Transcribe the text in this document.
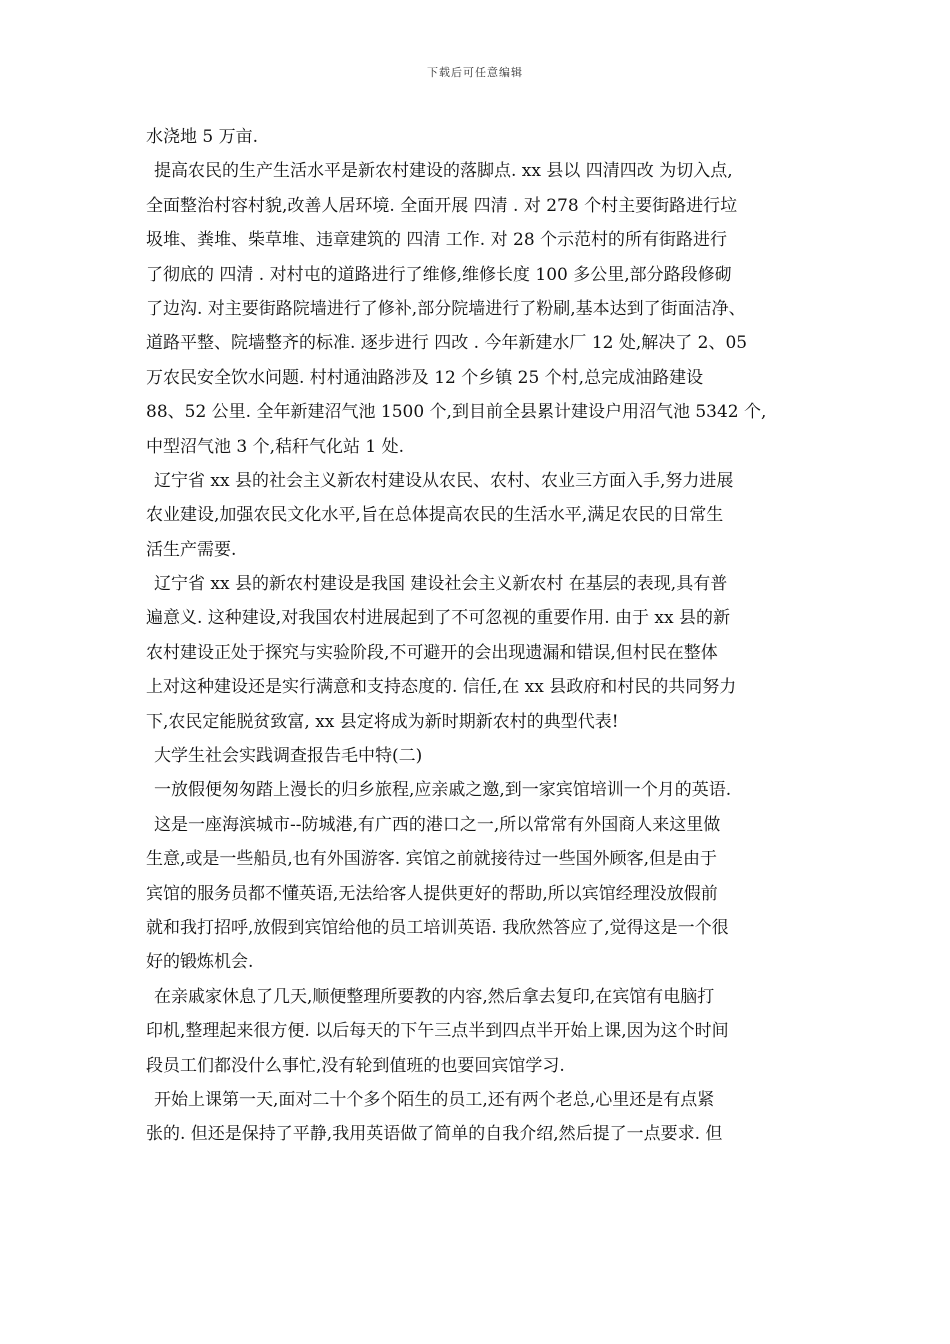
下载后可任意编辑
水浇地 5 万亩.
提高农民的生产生活水平是新农村建设的落脚点. xx 县以 四清四改 为切入点,
全面整治村容村貌,改善人居环境. 全面开展 四清 . 对 278 个村主要街路进行垃
圾堆、粪堆、柴草堆、违章建筑的 四清 工作. 对 28 个示范村的所有街路进行
了彻底的 四清 . 对村屯的道路进行了维修,维修长度 100 多公里,部分路段修砌
了边沟. 对主要街路院墙进行了修补,部分院墙进行了粉刷,基本达到了街面洁净、
道路平整、院墙整齐的标准. 逐步进行 四改 . 今年新建水厂 12 处,解决了 2、05
万农民安全饮水问题. 村村通油路涉及 12 个乡镇 25 个村,总完成油路建设
88、52 公里. 全年新建沼气池 1500 个,到目前全县累计建设户用沼气池 5342 个,
中型沼气池 3 个,秸秆气化站 1 处.
辽宁省 xx 县的社会主义新农村建设从农民、农村、农业三方面入手,努力进展
农业建设,加强农民文化水平,旨在总体提高农民的生活水平,满足农民的日常生
活生产需要.
辽宁省 xx 县的新农村建设是我国 建设社会主义新农村 在基层的表现,具有普
遍意义. 这种建设,对我国农村进展起到了不可忽视的重要作用. 由于 xx 县的新
农村建设正处于探究与实验阶段,不可避开的会出现遗漏和错误,但村民在整体
上对这种建设还是实行满意和支持态度的. 信任,在 xx 县政府和村民的共同努力
下,农民定能脱贫致富, xx 县定将成为新时期新农村的典型代表!
大学生社会实践调查报告毛中特(二)
一放假便匆匆踏上漫长的归乡旅程,应亲戚之邀,到一家宾馆培训一个月的英语.
这是一座海滨城市--防城港,有广西的港口之一,所以常常有外国商人来这里做
生意,或是一些船员,也有外国游客. 宾馆之前就接待过一些国外顾客,但是由于
宾馆的服务员都不懂英语,无法给客人提供更好的帮助,所以宾馆经理没放假前
就和我打招呼,放假到宾馆给他的员工培训英语. 我欣然答应了,觉得这是一个很
好的锻炼机会.
在亲戚家休息了几天,顺便整理所要教的内容,然后拿去复印,在宾馆有电脑打
印机,整理起来很方便. 以后每天的下午三点半到四点半开始上课,因为这个时间
段员工们都没什么事忙,没有轮到值班的也要回宾馆学习.
开始上课第一天,面对二十个多个陌生的员工,还有两个老总,心里还是有点紧
张的. 但还是保持了平静,我用英语做了简单的自我介绍,然后提了一点要求. 但
